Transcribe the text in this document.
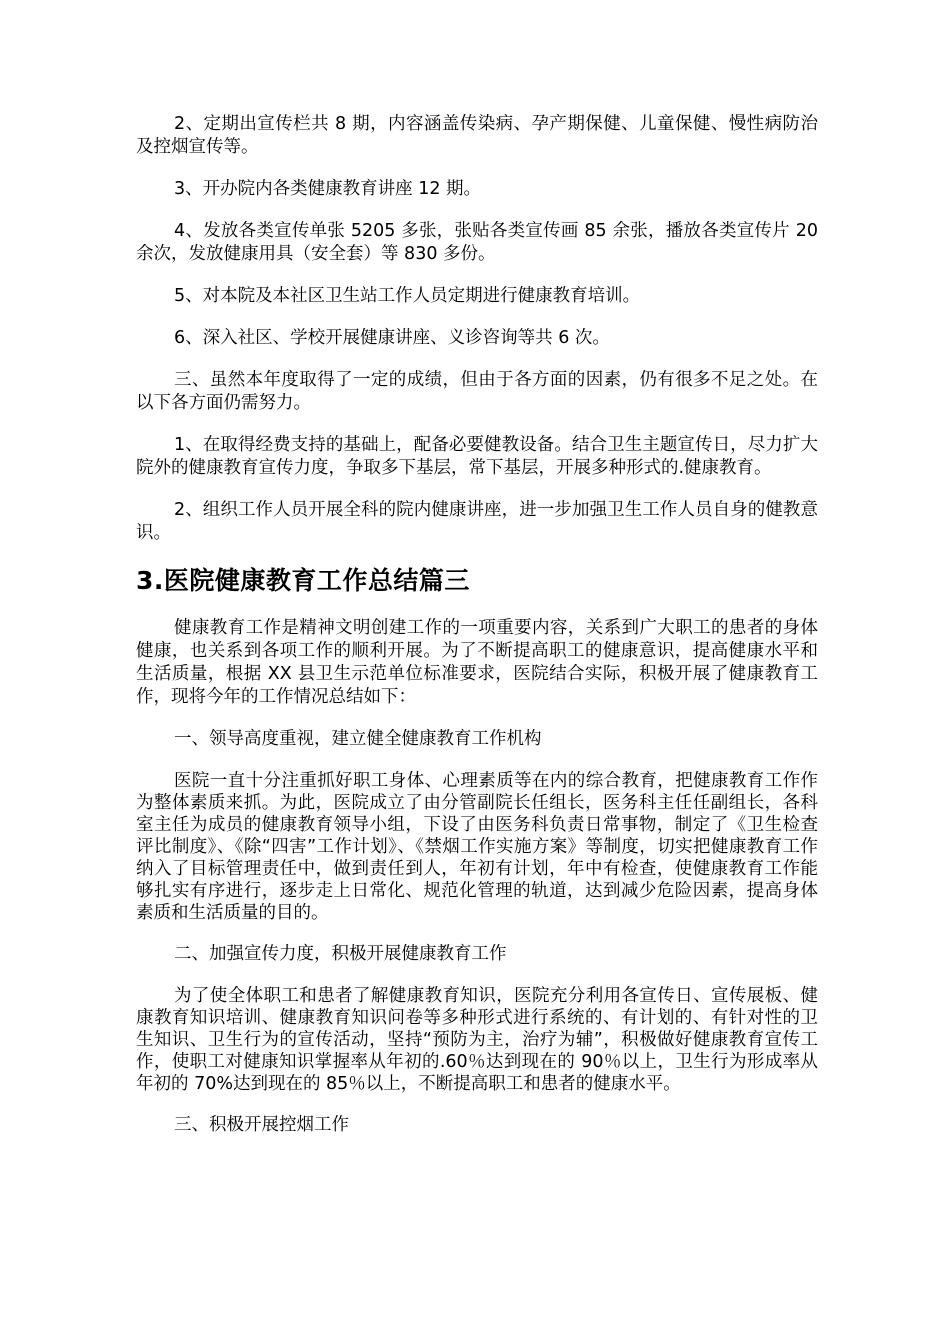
2、定期出宣传栏共 8 期，内容涵盖传染病、孕产期保健、儿童保健、慢性病防治及控烟宣传等。

3、开办院内各类健康教育讲座 12 期。

4、发放各类宣传单张 5205 多张，张贴各类宣传画 85 余张，播放各类宣传片 20 余次，发放健康用具（安全套）等 830 多份。

5、对本院及本社区卫生站工作人员定期进行健康教育培训。

6、深入社区、学校开展健康讲座、义诊咨询等共 6 次。

三、虽然本年度取得了一定的成绩，但由于各方面的因素，仍有很多不足之处。在以下各方面仍需努力。

1、在取得经费支持的基础上，配备必要健教设备。结合卫生主题宣传日，尽力扩大院外的健康教育宣传力度，争取多下基层，常下基层，开展多种形式的.健康教育。

2、组织工作人员开展全科的院内健康讲座，进一步加强卫生工作人员自身的健教意识。

3.医院健康教育工作总结篇三

健康教育工作是精神文明创建工作的一项重要内容，关系到广大职工的患者的身体健康，也关系到各项工作的顺利开展。为了不断提高职工的健康意识，提高健康水平和生活质量，根据 XX 县卫生示范单位标准要求，医院结合实际，积极开展了健康教育工作，现将今年的工作情况总结如下：

一、领导高度重视，建立健全健康教育工作机构

医院一直十分注重抓好职工身体、心理素质等在内的综合教育，把健康教育工作作为整体素质来抓。为此，医院成立了由分管副院长任组长，医务科主任任副组长，各科室主任为成员的健康教育领导小组，下设了由医务科负责日常事物，制定了《卫生检查评比制度》、《除“四害”工作计划》、《禁烟工作实施方案》等制度，切实把健康教育工作纳入了目标管理责任中，做到责任到人，年初有计划，年中有检查，使健康教育工作能够扎实有序进行，逐步走上日常化、规范化管理的轨道，达到减少危险因素，提高身体素质和生活质量的目的。

二、加强宣传力度，积极开展健康教育工作

为了使全体职工和患者了解健康教育知识，医院充分利用各宣传日、宣传展板、健康教育知识培训、健康教育知识问卷等多种形式进行系统的、有计划的、有针对性的卫生知识、卫生行为的宣传活动，坚持“预防为主，治疗为辅”，积极做好健康教育宣传工作，使职工对健康知识掌握率从年初的.60％达到现在的 90％以上，卫生行为形成率从年初的 70%达到现在的 85％以上，不断提高职工和患者的健康水平。

三、积极开展控烟工作
